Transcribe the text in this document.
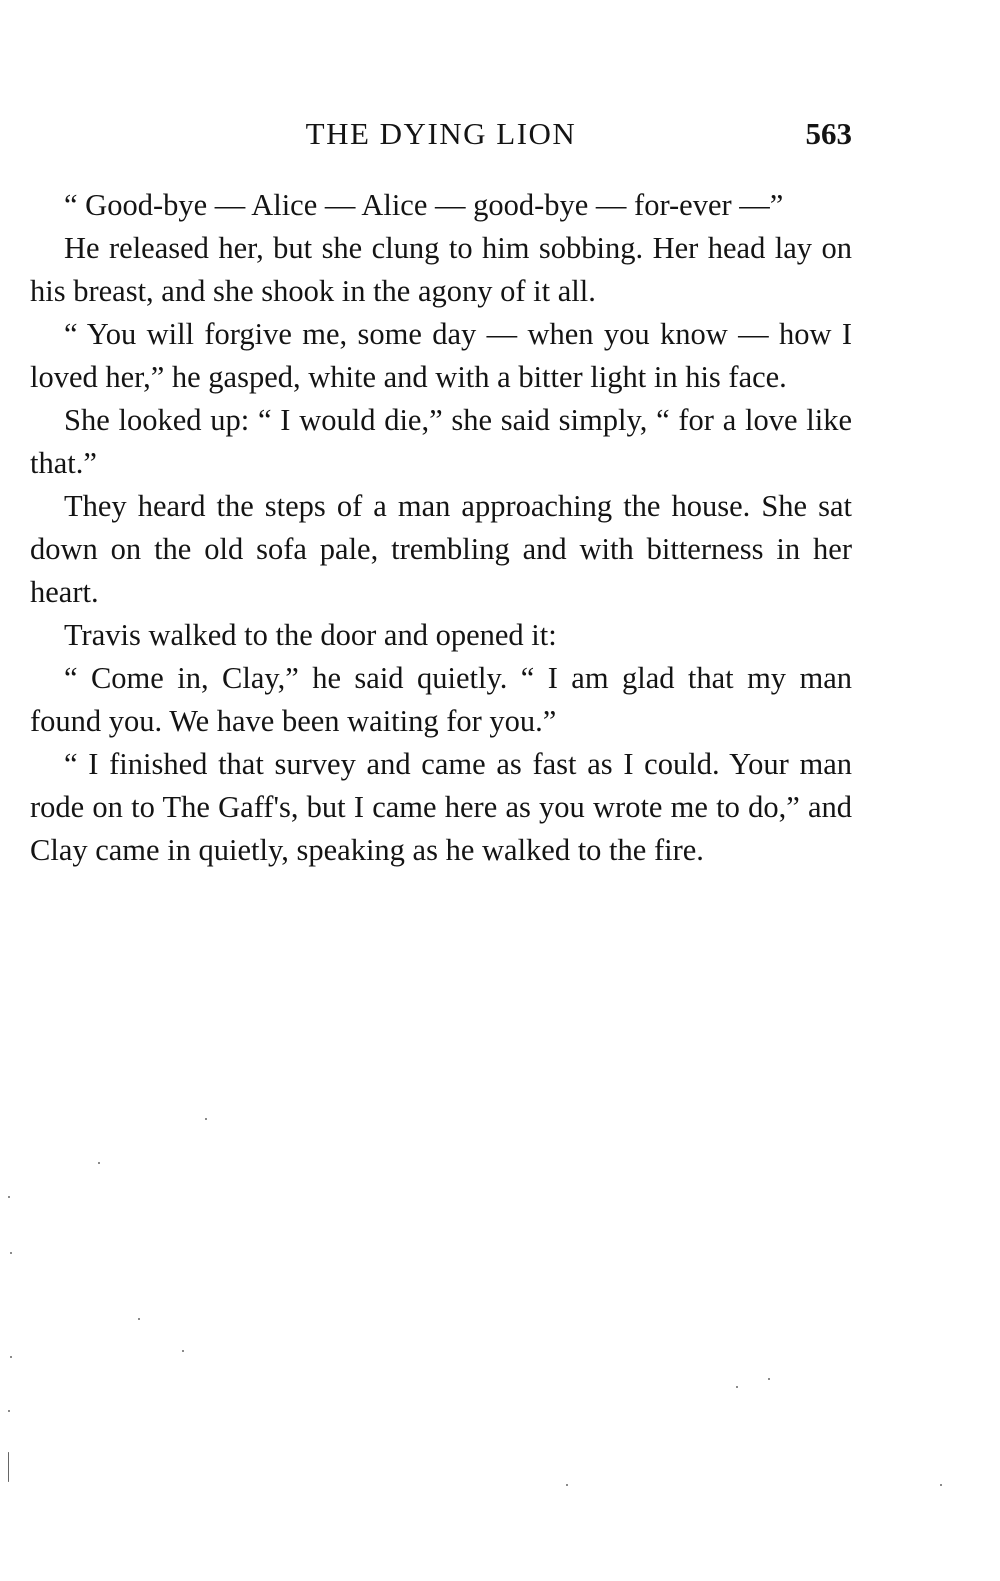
THE DYING LION	563

“ Good-bye — Alice — Alice — good-bye — for-ever —”

He released her, but she clung to him sobbing. Her head lay on his breast, and she shook in the agony of it all.

“ You will forgive me, some day — when you know — how I loved her,” he gasped, white and with a bitter light in his face.

She looked up: “ I would die,” she said simply, “ for a love like that.”

They heard the steps of a man approaching the house. She sat down on the old sofa pale, trembling and with bitterness in her heart.

Travis walked to the door and opened it:

“ Come in, Clay,” he said quietly. “ I am glad that my man found you. We have been waiting for you.”

“ I finished that survey and came as fast as I could. Your man rode on to The Gaff's, but I came here as you wrote me to do,” and Clay came in quietly, speaking as he walked to the fire.
